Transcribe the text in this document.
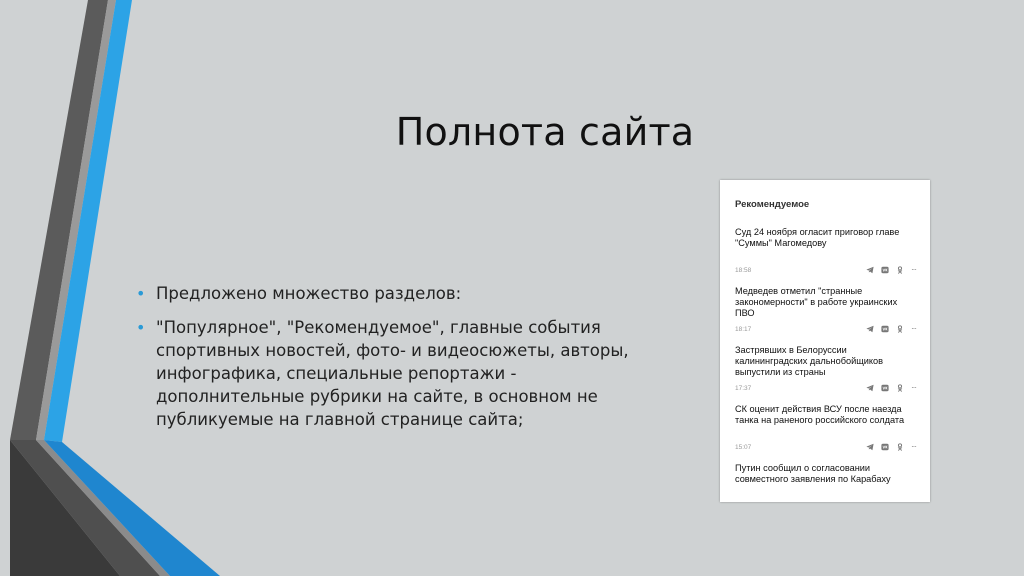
Полнота сайта
• Предложено множество разделов:
• "Популярное", "Рекомендуемое", главные события спортивных новостей, фото- и видеосюжеты, авторы, инфографика, специальные репортажи - дополнительные рубрики на сайте, в основном не публикуемые на главной странице сайта;
Рекомендуемое
Суд 24 ноября огласит приговор главе "Суммы" Магомедову
18:58	···
Медведев отметил "странные закономерности" в работе украинских ПВО
18:17	···
Застрявших в Белоруссии калининградских дальнобойщиков выпустили из страны
17:37	···
СК оценит действия ВСУ после наезда танка на раненого российского солдата
15:07	···
Путин сообщил о согласовании совместного заявления по Карабаху
